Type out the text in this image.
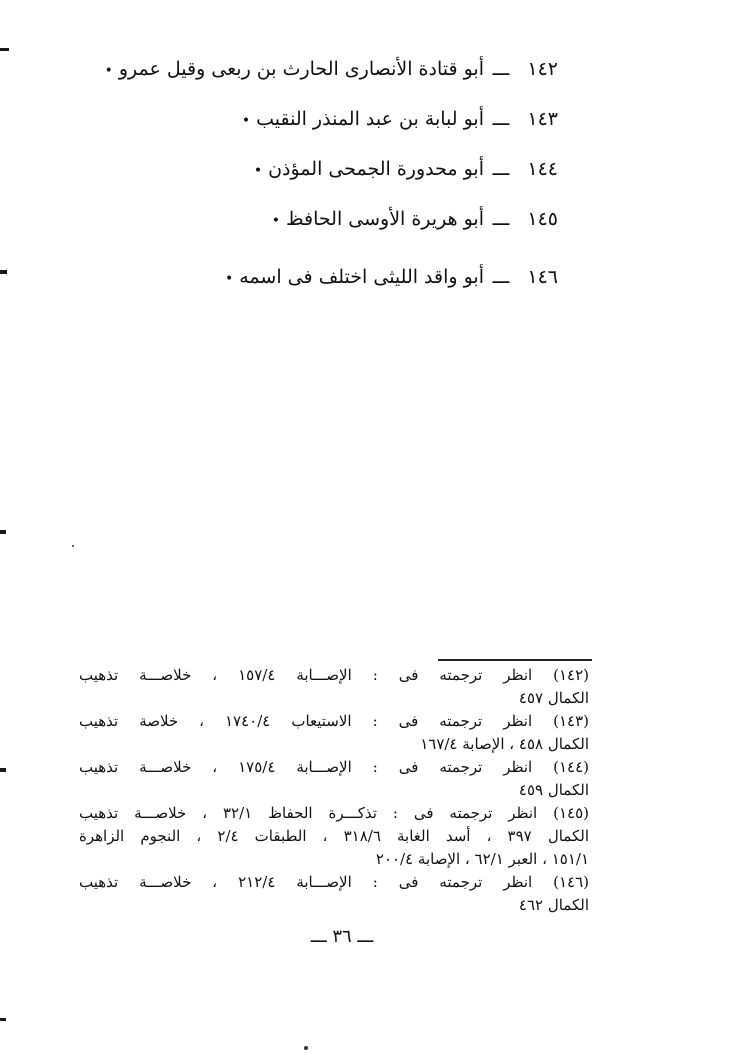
١٤٢ـــأبو قتادة الأنصارى الحارث بن ربعى وقيل عمرو•
١٤٣ـــأبو لبابة بن عبد المنذر النقيب•
١٤٤ـــأبو محدورة الجمحى المؤذن•
١٤٥ـــأبو هريرة الأوسى الحافظ•
١٤٦ـــأبو واقد الليثى اختلف فى اسمه•

(١٤٢) انظر ترجمته فى : الإصـــابة ١٥٧/٤ ، خلاصـــة تذهيب

الكمال ٤٥٧

(١٤٣) انظر ترجمته فى : الاستيعاب ١٧٤٠/٤ ، خلاصة تذهيب

الكمال ٤٥٨ ، الإصابة ١٦٧/٤

(١٤٤) انظر ترجمته فى : الإصـــابة ١٧٥/٤ ، خلاصـــة تذهيب

الكمال ٤٥٩

(١٤٥) انظر ترجمته فى : تذكـــرة الحفاظ ٣٢/١ ، خلاصـــة تذهيب

الكمال ٣٩٧ ، أسد الغابة ٣١٨/٦ ، الطبقات ٢/٤ ، النجوم الزاهرة

١٥١/١ ، العبر ٦٢/١ ، الإصابة ٢٠٠/٤

(١٤٦) انظر ترجمته فى : الإصـــابة ٢١٢/٤ ، خلاصـــة تذهيب

الكمال ٤٦٢

ـــ ٣٦ ـــ
